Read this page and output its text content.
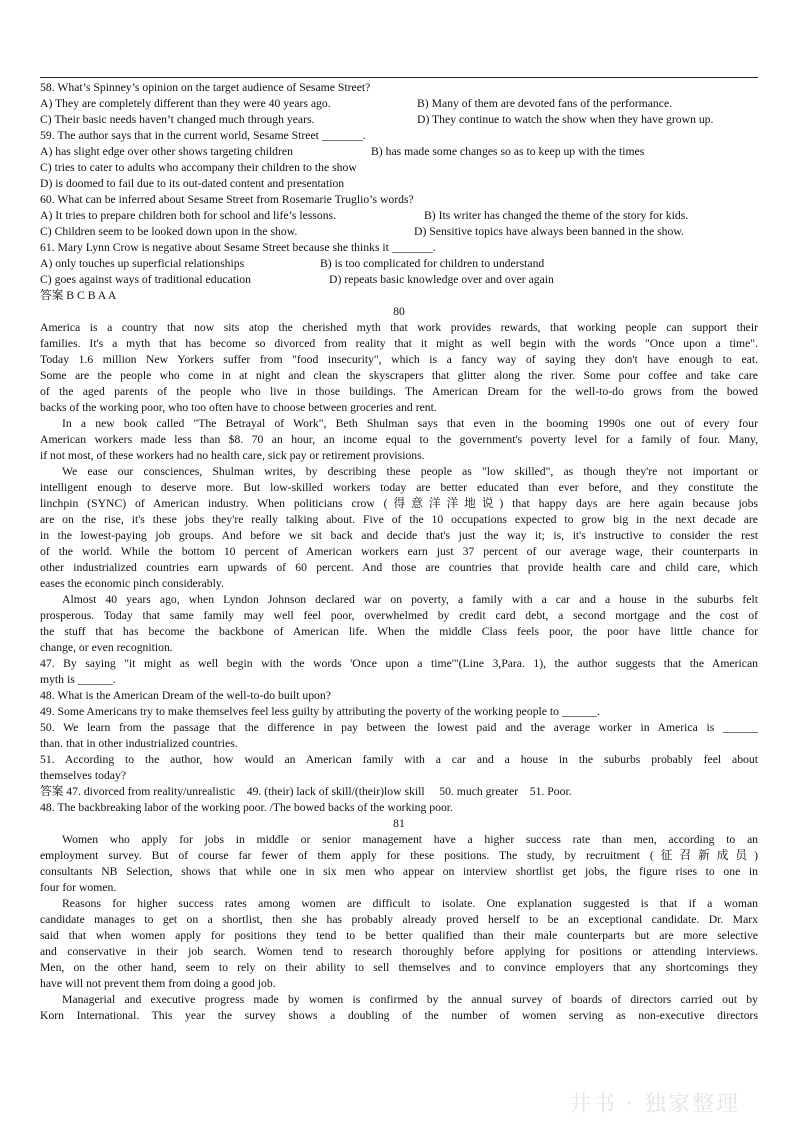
58. What’s Spinney’s opinion on the target audience of Sesame Street?
A) They are completely different than they were 40 years ago.	B) Many of them are devoted fans of the performance.
C) Their basic needs haven’t changed much through years.	D) They continue to watch the show when they have grown up.
59. The author says that in the current world, Sesame Street _______.
A) has slight edge over other shows targeting children	B) has made some changes so as to keep up with the times
C) tries to cater to adults who accompany their children to the show
D) is doomed to fail due to its out-dated content and presentation
60. What can be inferred about Sesame Street from Rosemarie Truglio’s words?
A) It tries to prepare children both for school and life’s lessons.	B) Its writer has changed the theme of the story for kids.
C) Children seem to be looked down upon in the show.	D) Sensitive topics have always been banned in the show.
61. Mary Lynn Crow is negative about Sesame Street because she thinks it _______.
A) only touches up superficial relationships	B) is too complicated for children to understand
C) goes against ways of traditional education	D) repeats basic knowledge over and over again
答案 B C B A A
80
America is a country that now sits atop the cherished myth that work provides rewards, that working people can support their
families. It's a myth that has become so divorced from reality that it might as well begin with the words "Once upon a time".
Today 1.6 million New Yorkers suffer from "food insecurity", which is a fancy way of saying they don't have enough to eat.
Some are the people who come in at night and clean the skyscrapers that glitter along the river. Some pour coffee and take care
of the aged parents of the people who live in those buildings. The American Dream for the well-to-do grows from the bowed
backs of the working poor, who too often have to choose between groceries and rent.
In a new book called "The Betrayal of Work", Beth Shulman says that even in the booming 1990s one out of every four
American workers made less than $8. 70 an hour, an income equal to the government's poverty level for a family of four. Many,
if not most, of these workers had no health care, sick pay or retirement provisions.
We ease our consciences, Shulman writes, by describing these people as "low skilled", as though they're not important or
intelligent enough to deserve more. But low-skilled workers today are better educated than ever before, and they constitute the
linchpin (SYNC) of American industry. When politicians crow (得意洋洋地说) that happy days are here again because jobs
are on the rise, it's these jobs they're really talking about. Five of the 10 occupations expected to grow big in the next decade are
in the lowest-paying job groups. And before we sit back and decide that's just the way it; is, it's instructive to consider the rest
of the world. While the bottom 10 percent of American workers earn just 37 percent of our average wage, their counterparts in
other industrialized countries earn upwards of 60 percent. And those are countries that provide health care and child care, which
eases the economic pinch considerably.
Almost 40 years ago, when Lyndon Johnson declared war on poverty, a family with a car and a house in the suburbs felt
prosperous. Today that same family may well feel poor, overwhelmed by credit card debt, a second mortgage and the cost of
the stuff that has become the backbone of American life. When the middle Class feels poor, the poor have little chance for
change, or even recognition.
47. By saying "it might as well begin with the words 'Once upon a time'"(Line 3,Para. 1), the author suggests that the American
myth is ______.
48. What is the American Dream of the well-to-do built upon?
49. Some Americans try to make themselves feel less guilty by attributing the poverty of the working people to ______.
50. We learn from the passage that the difference in pay between the lowest paid and the average worker in America is ______
than. that in other industrialized countries.
51. According to the author, how would an American family with a car and a house in the suburbs probably feel about
themselves today?
答案 47. divorced from reality/unrealistic    49. (their) lack of skill/(their)low skill     50. much greater    51. Poor.
48. The backbreaking labor of the working poor. /The bowed backs of the working poor.
81
Women who apply for jobs in middle or senior management have a higher success rate than men, according to an
employment survey. But of course far fewer of them apply for these positions. The study, by recruitment (征召新成员)
consultants NB Selection, shows that while one in six men who appear on interview shortlist get jobs, the figure rises to one in
four for women.
Reasons for higher success rates among women are difficult to isolate. One explanation suggested is that if a woman
candidate manages to get on a shortlist, then she has probably already proved herself to be an exceptional candidate. Dr. Marx
said that when women apply for positions they tend to be better qualified than their male counterparts but are more selective
and conservative in their job search. Women tend to research thoroughly before applying for positions or attending interviews.
Men, on the other hand, seem to rely on their ability to sell themselves and to convince employers that any shortcomings they
have will not prevent them from doing a good job.
Managerial and executive progress made by women is confirmed by the annual survey of boards of directors carried out by
Korn International. This year the survey shows a doubling of the number of women serving as non-executive directors
井书 · 独家整理
